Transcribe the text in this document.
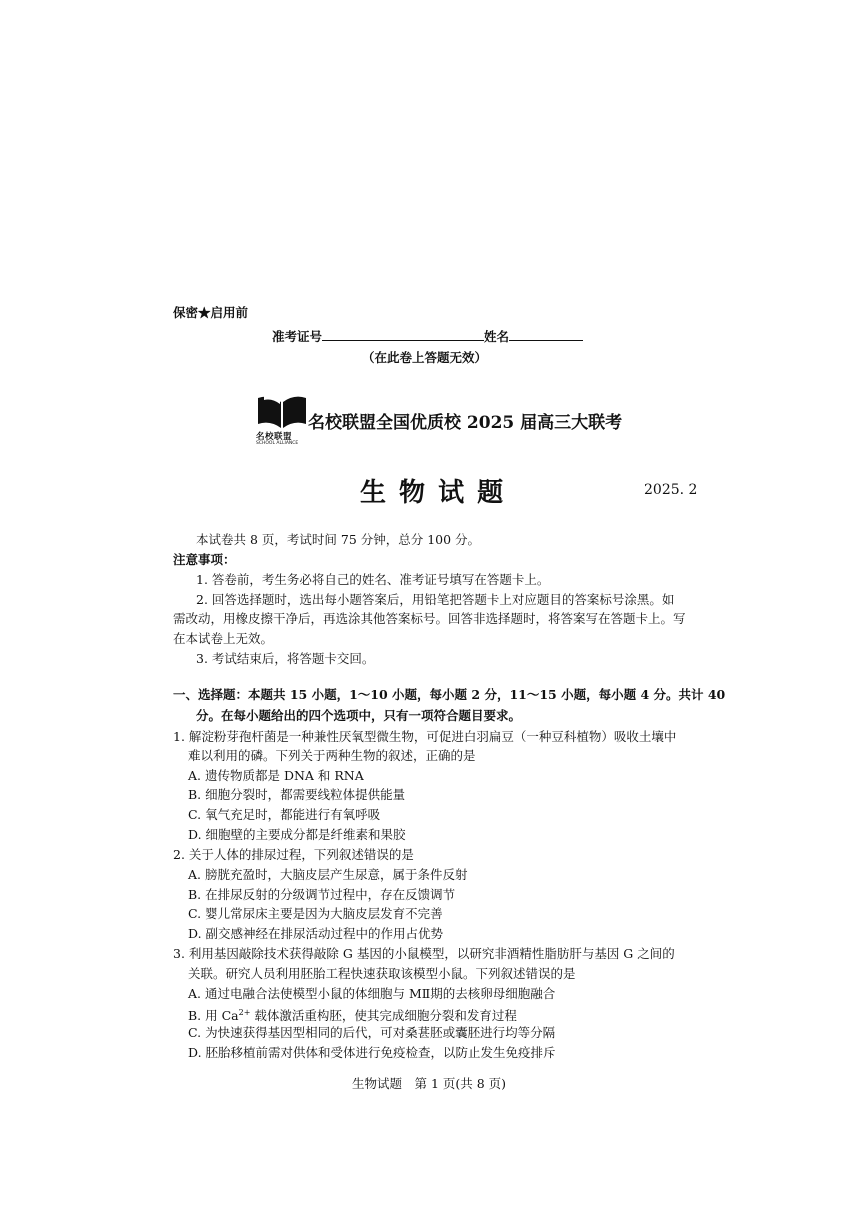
保密★启用前
准考证号	姓名
（在此卷上答题无效）
名校联盟
SCHOOL ALLIANCE
名校联盟全国优质校 2025 届高三大联考
生 物 试 题	2025. 2
本试卷共 8 页，考试时间 75 分钟，总分 100 分。
注意事项：
1. 答卷前，考生务必将自己的姓名、准考证号填写在答题卡上。
2. 回答选择题时，选出每小题答案后，用铅笔把答题卡上对应题目的答案标号涂黑。如
需改动，用橡皮擦干净后，再选涂其他答案标号。回答非选择题时，将答案写在答题卡上。写
在本试卷上无效。
3. 考试结束后，将答题卡交回。
一、选择题：本题共 15 小题，1～10 小题，每小题 2 分，11～15 小题，每小题 4 分。共计 40
分。在每小题给出的四个选项中，只有一项符合题目要求。
1. 解淀粉芽孢杆菌是一种兼性厌氧型微生物，可促进白羽扁豆（一种豆科植物）吸收土壤中
难以利用的磷。下列关于两种生物的叙述，正确的是
A. 遗传物质都是 DNA 和 RNA
B. 细胞分裂时，都需要线粒体提供能量
C. 氧气充足时，都能进行有氧呼吸
D. 细胞壁的主要成分都是纤维素和果胶
2. 关于人体的排尿过程，下列叙述错误的是
A. 膀胱充盈时，大脑皮层产生尿意，属于条件反射
B. 在排尿反射的分级调节过程中，存在反馈调节
C. 婴儿常尿床主要是因为大脑皮层发育不完善
D. 副交感神经在排尿活动过程中的作用占优势
3. 利用基因敲除技术获得敲除 G 基因的小鼠模型，以研究非酒精性脂肪肝与基因 G 之间的
关联。研究人员利用胚胎工程快速获取该模型小鼠。下列叙述错误的是
A. 通过电融合法使模型小鼠的体细胞与 MⅡ期的去核卵母细胞融合
B. 用 $Ca^{2+}$ 载体激活重构胚，使其完成细胞分裂和发育过程
C. 为快速获得基因型相同的后代，可对桑葚胚或囊胚进行均等分隔
D. 胚胎移植前需对供体和受体进行免疫检查，以防止发生免疫排斥
生物试题　第 1 页(共 8 页)
